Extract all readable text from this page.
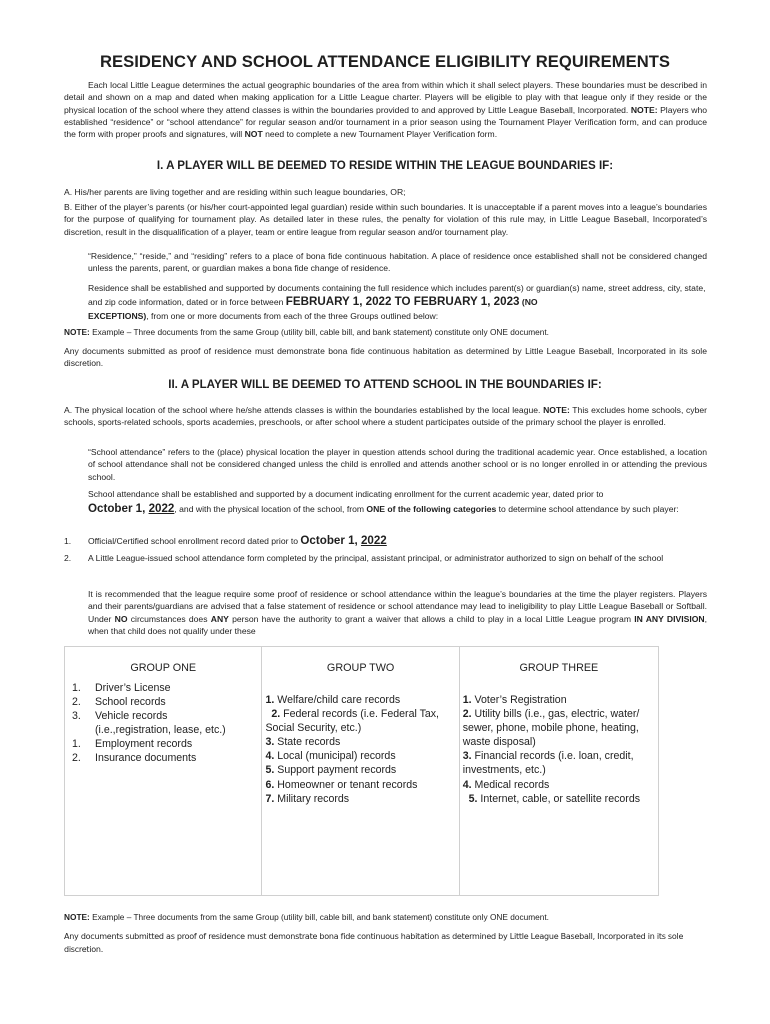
RESIDENCY AND SCHOOL ATTENDANCE ELIGIBILITY REQUIREMENTS
Each local Little League determines the actual geographic boundaries of the area from within which it shall select players. These boundaries must be described in detail and shown on a map and dated when making application for a Little League charter. Players will be eligible to play with that league only if they reside or the physical location of the school where they attend classes is within the boundaries provided to and approved by Little League Baseball, Incorporated. NOTE: Players who established “residence” or “school attendance” for regular season and/or tournament in a prior season using the Tournament Player Verification form, and can produce the form with proper proofs and signatures, will NOT need to complete a new Tournament Player Verification form.
I. A PLAYER WILL BE DEEMED TO RESIDE WITHIN THE LEAGUE BOUNDARIES IF:
A. His/her parents are living together and are residing within such league boundaries, OR;
B. Either of the player’s parents (or his/her court-appointed legal guardian) reside within such boundaries. It is unacceptable if a parent moves into a league’s boundaries for the purpose of qualifying for tournament play. As detailed later in these rules, the penalty for violation of this rule may, in Little League Baseball, Incorporated’s discretion, result in the disqualification of a player, team or entire league from regular season and/or tournament play.
“Residence,” “reside,” and “residing” refers to a place of bona fide continuous habitation. A place of residence once established shall not be considered changed unless the parents, parent, or guardian makes a bona fide change of residence.
Residence shall be established and supported by documents containing the full residence which includes parent(s) or guardian(s) name, street address, city, state, and zip code information, dated or in force between FEBRUARY 1, 2022 TO FEBRUARY 1, 2023 (NO
EXCEPTIONS), from one or more documents from each of the three Groups outlined below:
NOTE: Example – Three documents from the same Group (utility bill, cable bill, and bank statement) constitute only ONE document.
Any documents submitted as proof of residence must demonstrate bona fide continuous habitation as determined by Little League Baseball, Incorporated in its sole discretion.
II. A PLAYER WILL BE DEEMED TO ATTEND SCHOOL IN THE BOUNDARIES IF:
A. The physical location of the school where he/she attends classes is within the boundaries established by the local league. NOTE: This excludes home schools, cyber schools, sports-related schools, sports academies, preschools, or after school where a student participates outside of the primary school the player is enrolled.
“School attendance” refers to the (place) physical location the player in question attends school during the traditional academic year. Once established, a location of school attendance shall not be considered changed unless the child is enrolled and attends another school or is no longer enrolled in or attending the previous school.
School attendance shall be established and supported by a document indicating enrollment for the current academic year, dated prior to
October 1, 2022, and with the physical location of the school, from ONE of the following categories to determine school attendance by such player:
1. Official/Certified school enrollment record dated prior to October 1, 2022
2. A Little League-issued school attendance form completed by the principal, assistant principal, or administrator authorized to sign on behalf of the school
It is recommended that the league require some proof of residence or school attendance within the league’s boundaries at the time the player registers. Players and their parents/guardians are advised that a false statement of residence or school attendance may lead to ineligibility to play Little League Baseball or Softball. Under NO circumstances does ANY person have the authority to grant a waiver that allows a child to play in a local Little League program IN ANY DIVISION, when that child does not qualify under these
GROUP ONE
1. Driver’s License
2. School records
3. Vehicle records
(i.e.,registration, lease, etc.)
1. Employment records
2. Insurance documents

GROUP TWO
1. Welfare/child care records
2. Federal records (i.e. Federal Tax, Social Security, etc.)
3. State records
4. Local (municipal) records
5. Support payment records
6. Homeowner or tenant records
7. Military records

GROUP THREE
1. Voter’s Registration
2. Utility bills (i.e., gas, electric, water/ sewer, phone, mobile phone, heating, waste disposal)
3. Financial records (i.e. loan, credit, investments, etc.)
4. Medical records
5. Internet, cable, or satellite records
NOTE: Example – Three documents from the same Group (utility bill, cable bill, and bank statement) constitute only ONE document.
Any documents submitted as proof of residence must demonstrate bona fide continuous habitation as determined by Little League Baseball, Incorporated in its sole discretion.
